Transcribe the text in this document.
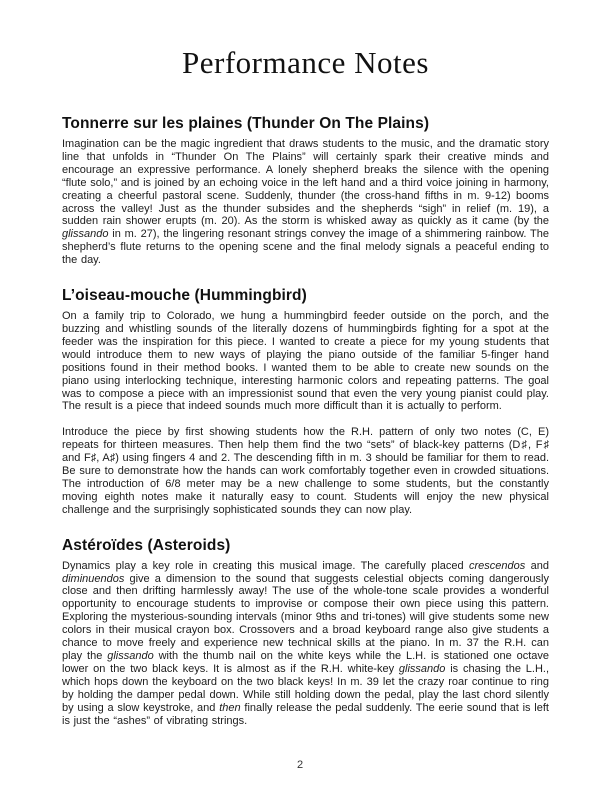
Performance Notes
Tonnerre sur les plaines (Thunder On The Plains)

Imagination can be the magic ingredient that draws students to the music, and the dramatic story line that unfolds in “Thunder On The Plains” will certainly spark their creative minds and encourage an expressive performance. A lonely shepherd breaks the silence with the opening “flute solo,” and is joined by an echoing voice in the left hand and a third voice joining in harmony, creating a cheerful pastoral scene. Suddenly, thunder (the cross-hand fifths in m. 9-12) booms across the valley! Just as the thunder subsides and the shepherds “sigh” in relief (m. 19), a sudden rain shower erupts (m. 20). As the storm is whisked away as quickly as it came (by the glissando in m. 27), the lingering resonant strings convey the image of a shimmering rainbow. The shepherd’s flute returns to the opening scene and the final melody signals a peaceful ending to the day.

L’oiseau-mouche (Hummingbird)

On a family trip to Colorado, we hung a hummingbird feeder outside on the porch, and the buzzing and whistling sounds of the literally dozens of hummingbirds fighting for a spot at the feeder was the inspiration for this piece. I wanted to create a piece for my young students that would introduce them to new ways of playing the piano outside of the familiar 5-finger hand positions found in their method books. I wanted them to be able to create new sounds on the piano using interlocking technique, interesting harmonic colors and repeating patterns. The goal was to compose a piece with an impressionist sound that even the very young pianist could play. The result is a piece that indeed sounds much more difficult than it is actually to perform.

Introduce the piece by first showing students how the R.H. pattern of only two notes (C, E) repeats for thirteen measures. Then help them find the two “sets” of black-key patterns (D♯, F♯ and F♯, A♯) using fingers 4 and 2. The descending fifth in m. 3 should be familiar for them to read. Be sure to demonstrate how the hands can work comfortably together even in crowded situations. The introduction of 6/8 meter may be a new challenge to some students, but the constantly moving eighth notes make it naturally easy to count. Students will enjoy the new physical challenge and the surprisingly sophisticated sounds they can now play.

Astéroïdes (Asteroids)

Dynamics play a key role in creating this musical image. The carefully placed crescendos and diminuendos give a dimension to the sound that suggests celestial objects coming dangerously close and then drifting harmlessly away! The use of the whole-tone scale provides a wonderful opportunity to encourage students to improvise or compose their own piece using this pattern. Exploring the mysterious-sounding intervals (minor 9ths and tri-tones) will give students some new colors in their musical crayon box. Crossovers and a broad keyboard range also give students a chance to move freely and experience new technical skills at the piano. In m. 37 the R.H. can play the glissando with the thumb nail on the white keys while the L.H. is stationed one octave lower on the two black keys. It is almost as if the R.H. white-key glissando is chasing the L.H., which hops down the keyboard on the two black keys! In m. 39 let the crazy roar continue to ring by holding the damper pedal down. While still holding down the pedal, play the last chord silently by using a slow keystroke, and then finally release the pedal suddenly. The eerie sound that is left is just the “ashes” of vibrating strings.

2
